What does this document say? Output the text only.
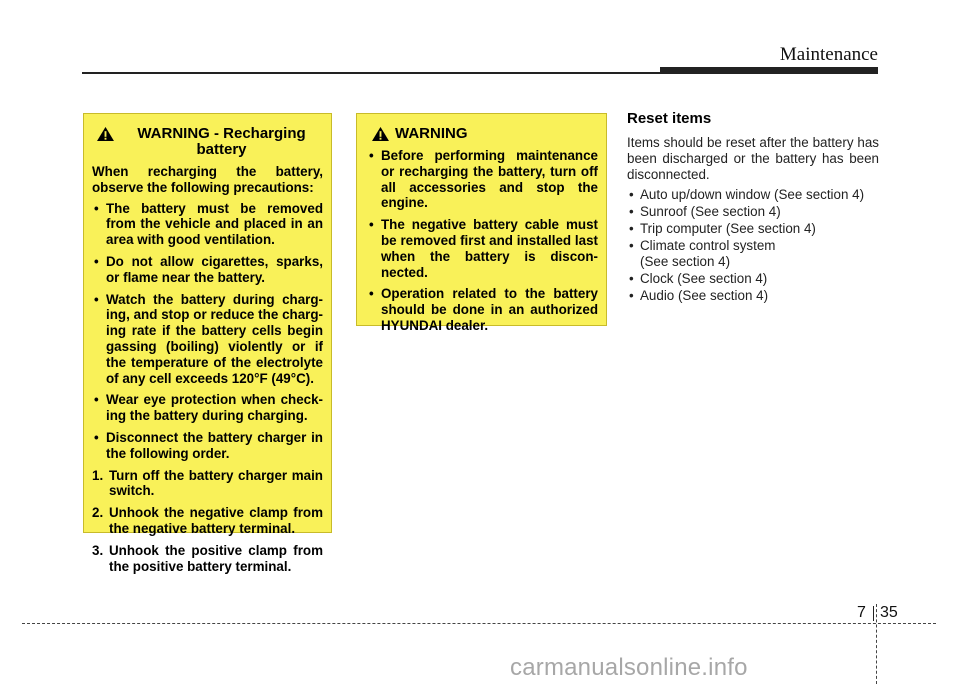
Maintenance
WARNING - Recharging battery

When recharging the battery, observe the following precautions:

• The battery must be removed from the vehicle and placed in an area with good ventilation.
• Do not allow cigarettes, sparks, or flame near the battery.
• Watch the battery during charg-ing, and stop or reduce the charg-ing rate if the battery cells begin gassing (boiling) violently or if the temperature of the electrolyte of any cell exceeds 120°F (49°C).
• Wear eye protection when check-ing the battery during charging.
• Disconnect the battery charger in the following order.
1. Turn off the battery charger main switch.
2. Unhook the negative clamp from the negative battery terminal.
3. Unhook the positive clamp from the positive battery terminal.
WARNING
• Before performing maintenance or recharging the battery, turn off all accessories and stop the engine.
• The negative battery cable must be removed first and installed last when the battery is discon-nected.
• Operation related to the battery should be done in an authorized HYUNDAI dealer.
Reset items

Items should be reset after the battery has been discharged or the battery has been disconnected.

• Auto up/down window (See section 4)
• Sunroof (See section 4)
• Trip computer (See section 4)
• Climate control system (See section 4)
• Clock (See section 4)
• Audio (See section 4)
7 35
carmanualsonline.info
